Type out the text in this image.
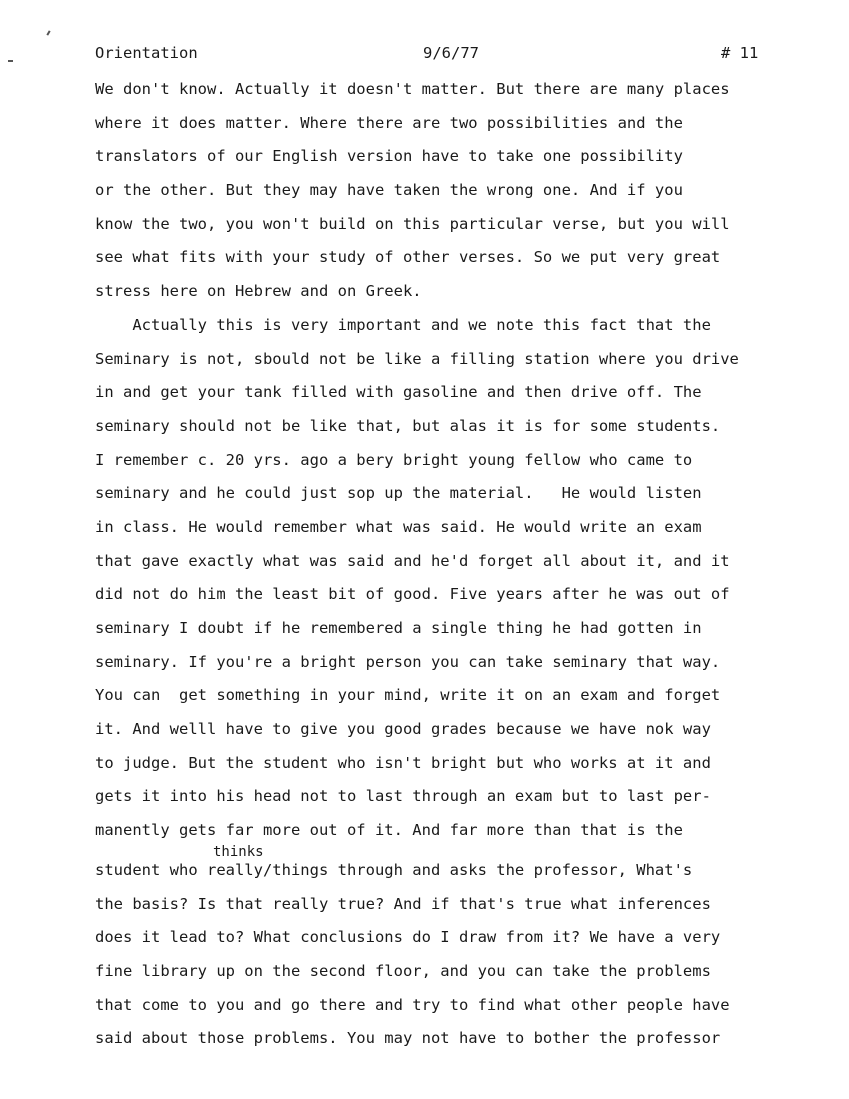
Orientation	9/6/77	# 11
We don't know. Actually it doesn't matter. But there are many places
where it does matter. Where there are two possibilities and the
translators of our English version have to take one possibility
or the other. But they may have taken the wrong one. And if you
know the two, you won't build on this particular verse, but you will
see what fits with your study of other verses. So we put very great
stress here on Hebrew and on Greek.
Actually this is very important and we note this fact that the
Seminary is not, sbould not be like a filling station where you drive
in and get your tank filled with gasoline and then drive off. The
seminary should not be like that, but alas it is for some students.
I remember c. 20 yrs. ago a bery bright young fellow who came to
seminary and he could just sop up the material.   He would listen
in class. He would remember what was said. He would write an exam
that gave exactly what was said and he'd forget all about it, and it
did not do him the least bit of good. Five years after he was out of
seminary I doubt if he remembered a single thing he had gotten in
seminary. If you're a bright person you can take seminary that way.
You can  get something in your mind, write it on an exam and forget
it. And welll have to give you good grades because we have nok way
to judge. But the student who isn't bright but who works at it and
gets it into his head not to last through an exam but to last per-
manently gets far more out of it. And far more than that is the
thinks
student who really/things through and asks the professor, What's
the basis? Is that really true? And if that's true what inferences
does it lead to? What conclusions do I draw from it? We have a very
fine library up on the second floor, and you can take the problems
that come to you and go there and try to find what other people have
said about those problems. You may not have to bother the professor
